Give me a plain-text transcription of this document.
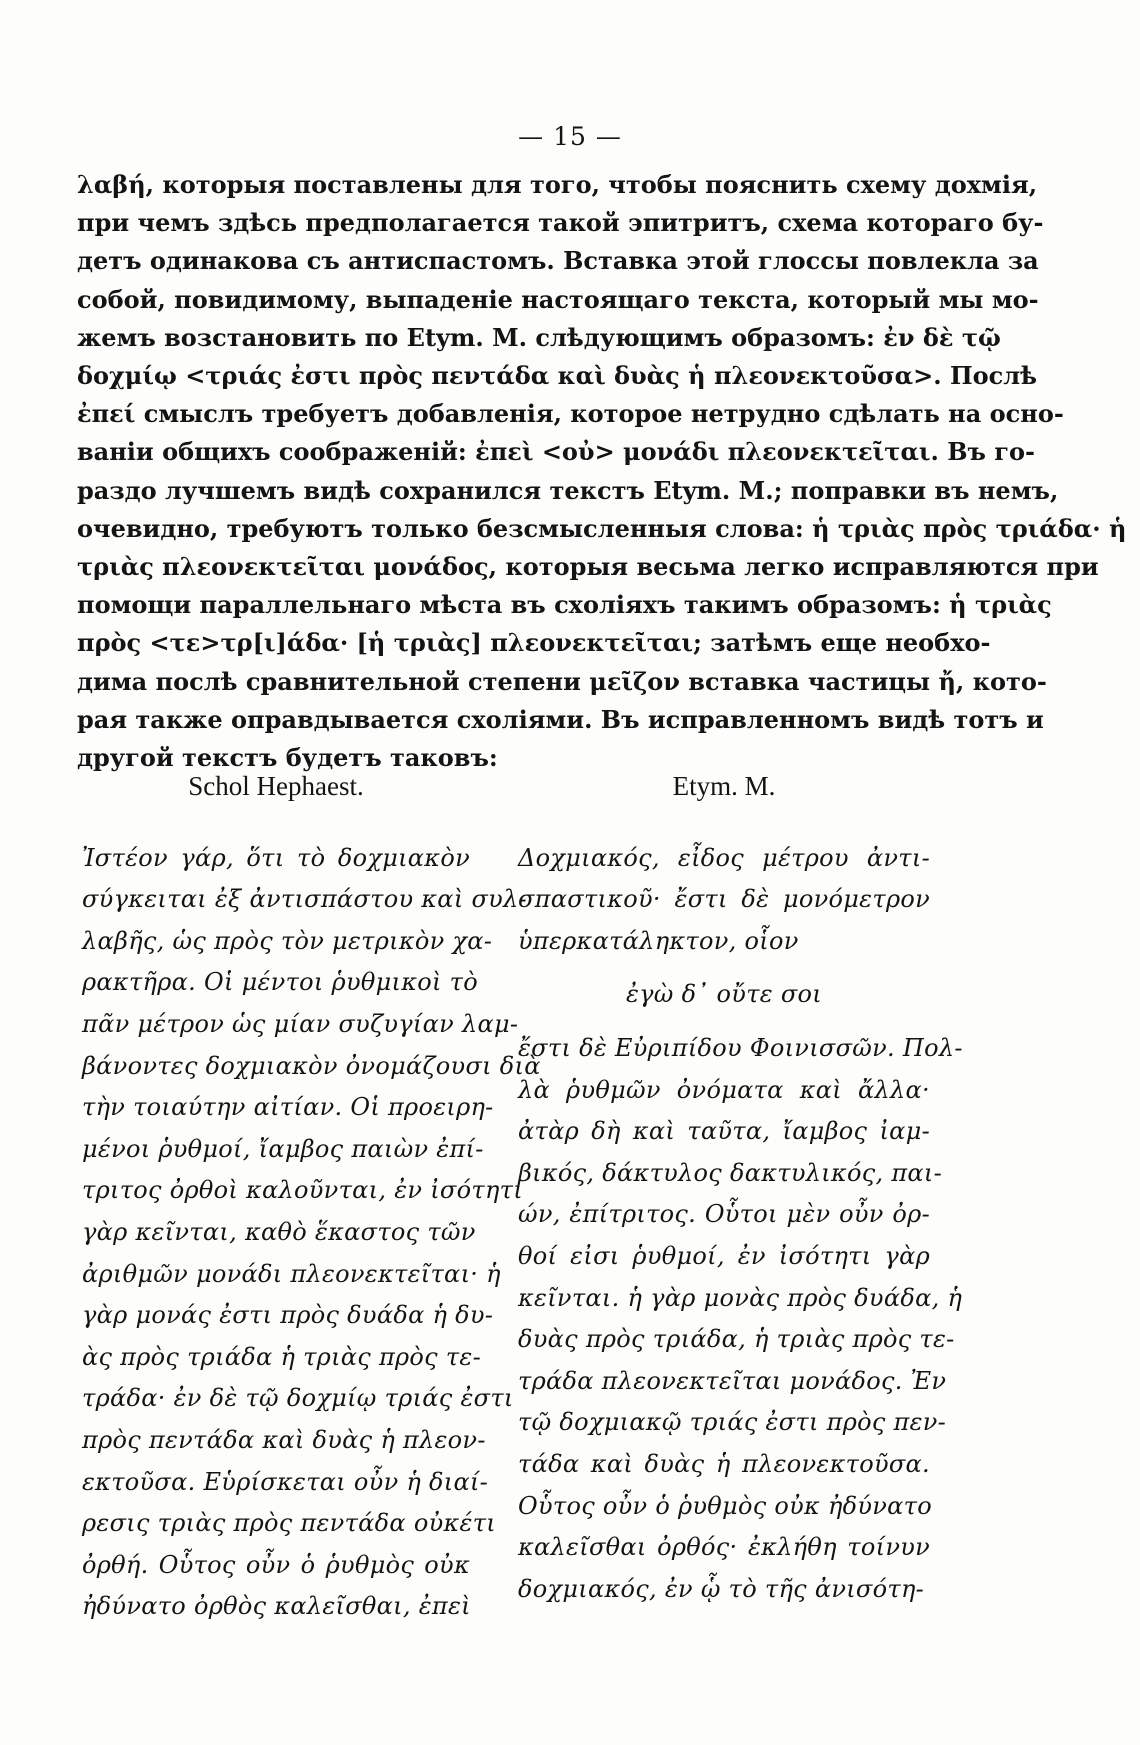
— 15 —
λαβή, которыя поставлены для того, чтобы пояснить схему дохмія,
при чемъ здѣсь предполагается такой эпитритъ, схема котораго бу-
детъ одинакова съ антиспастомъ. Вставка этой глоссы повлекла за
собой, повидимому, выпаденіе настоящаго текста, который мы мо-
жемъ возстановить по Etym. M. слѣдующимъ образомъ: ἐν δὲ τῷ
δοχμίῳ <τριάς ἐστι πρὸς πεντάδα καὶ δυὰς ἡ πλεονεκτοῦσα>. Послѣ
ἐπεί смыслъ требуетъ добавленія, которое нетрудно сдѣлать на осно-
ваніи общихъ соображеній: ἐπεὶ <οὐ> μονάδι πλεονεκτεῖται. Въ го-
раздо лучшемъ видѣ сохранился текстъ Etym. M.; поправки въ немъ,
очевидно, требуютъ только безсмысленныя слова: ἡ τριὰς πρὸς τριάδα· ἡ
τριὰς πλεονεκτεῖται μονάδος, которыя весьма легко исправляются при
помощи параллельнаго мѣста въ схоліяхъ такимъ образомъ: ἡ τριὰς
πρὸς <τε>τρ[ι]άδα· [ἡ τριὰς] πλεονεκτεῖται; затѣмъ еще необхо-
димa послѣ сравнительной степени μεῖζον вставка частицы ἤ, кото-
рая также оправдывается схоліями. Въ исправленномъ видѣ тотъ и
другой текстъ будетъ таковъ:
Schol Hephaest.
Ἰστέον γάρ, ὅτι τὸ δοχμιακὸν
σύγκειται ἐξ ἀντισπάστου καὶ συλ-
λαβῆς, ὡς πρὸς τὸν μετρικὸν χα-
ρακτῆρα. Οἱ μέντοι ῥυθμικοὶ τὸ
πᾶν μέτρον ὡς μίαν συζυγίαν λαμ-
βάνοντες δοχμιακὸν ὀνομάζουσι διὰ
τὴν τοιαύτην αἰτίαν. Οἱ προειρη-
μένοι ῥυθμοί, ἴαμβος παιὼν ἐπί-
τριτος ὀρθοὶ καλοῦνται, ἐν ἰσότητι
γὰρ κεῖνται, καθὸ ἕκαστος τῶν
ἀριθμῶν μονάδι πλεονεκτεῖται· ἡ
γὰρ μονάς ἐστι πρὸς δυάδα ἡ δυ-
ὰς πρὸς τριάδα ἡ τριὰς πρὸς τε-
τράδα· ἐν δὲ τῷ δοχμίῳ τριάς ἐστι
πρὸς πεντάδα καὶ δυὰς ἡ πλεον-
εκτοῦσα. Εὑρίσκεται οὖν ἡ διαί-
ρεσις τριὰς πρὸς πεντάδα οὐκέτι
ὀρθή. Οὗτος οὖν ὁ ῥυθμὸς οὐκ
ἠδύνατο ὀρθὸς καλεῖσθαι, ἐπεὶ
Etym. M.
Δοχμιακός, εἶδος μέτρου ἀντι-
σπαστικοῦ· ἔστι δὲ μονόμετρον
ὑπερκατάληκτον, οἷον
ἐγὼ δ᾽ οὔτε σοι
ἔστι δὲ Εὐριπίδου Φοινισσῶν. Πολ-
λὰ ῥυθμῶν ὀνόματα καὶ ἄλλα·
ἀτὰρ δὴ καὶ ταῦτα, ἴαμβος ἰαμ-
βικός, δάκτυλος δακτυλικός, παι-
ών, ἐπίτριτος. Οὗτοι μὲν οὖν ὀρ-
θοί εἰσι ῥυθμοί, ἐν ἰσότητι γὰρ
κεῖνται. ἡ γὰρ μονὰς πρὸς δυάδα, ἡ
δυὰς πρὸς τριάδα, ἡ τριὰς πρὸς τε-
τράδα πλεονεκτεῖται μονάδος. Ἐν
τῷ δοχμιακῷ τριάς ἐστι πρὸς πεν-
τάδα καὶ δυὰς ἡ πλεονεκτοῦσα.
Οὗτος οὖν ὁ ῥυθμὸς οὐκ ἠδύνατο
καλεῖσθαι ὀρθός· ἐκλήθη τοίνυν
δοχμιακός, ἐν ᾧ τὸ τῆς ἀνισότη-
